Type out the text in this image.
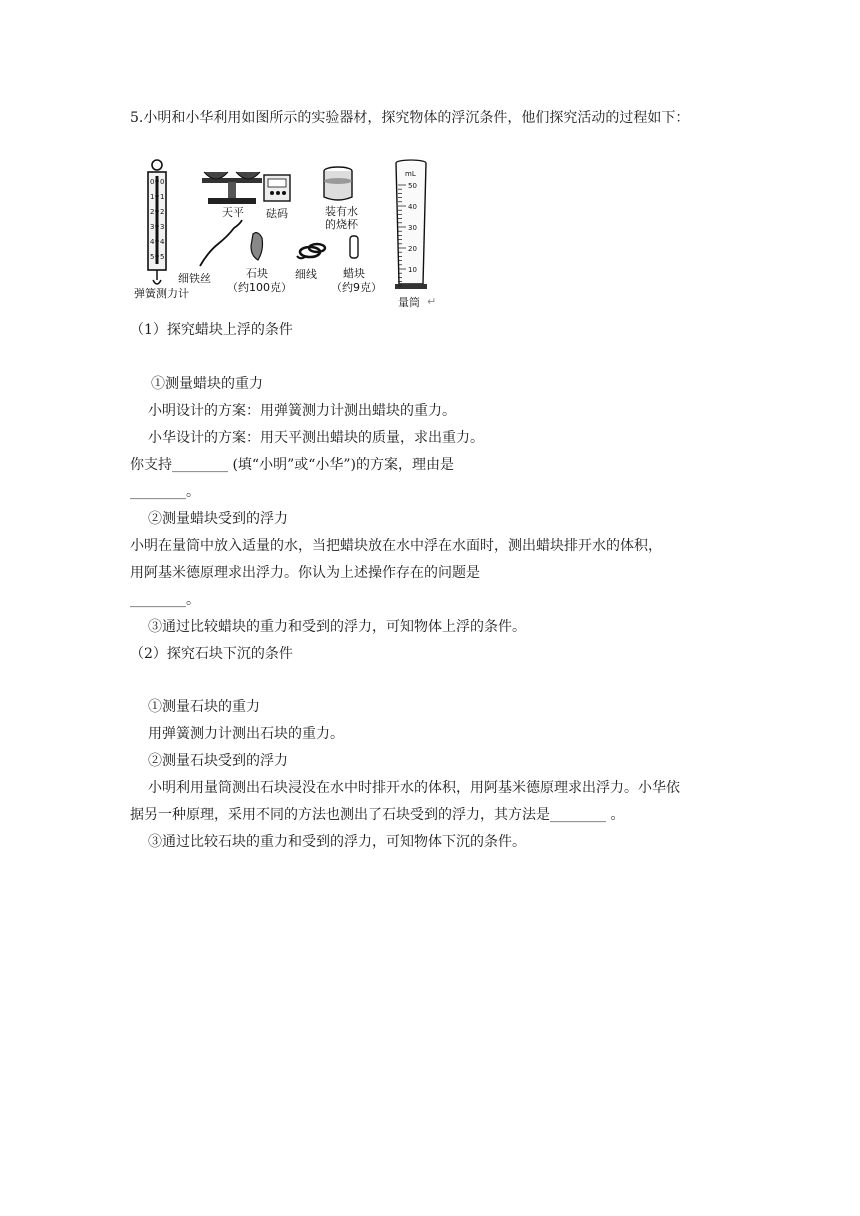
5.小明和小华利用如图所示的实验器材，探究物体的浮沉条件，他们探究活动的过程如下：
0 0
1 1
2 2
3 3
4 4
5 5
弹簧测力计
天平 砝码	装有水
的烧杯
50
40
30
20
10
mL
量筒 ↵
细铁丝	石块
（约100克）
细线 蜡块
（约9克）
（1）探究蜡块上浮的条件
①测量蜡块的重力
小明设计的方案：用弹簧测力计测出蜡块的重力。
小华设计的方案：用天平测出蜡块的质量，求出重力。
你支持________ (填“小明”或“小华”)的方案，理由是
________。
②测量蜡块受到的浮力
小明在量筒中放入适量的水，当把蜡块放在水中浮在水面时，测出蜡块排开水的体积，
用阿基米德原理求出浮力。你认为上述操作存在的问题是
________。
③通过比较蜡块的重力和受到的浮力，可知物体上浮的条件。
（2）探究石块下沉的条件
①测量石块的重力
用弹簧测力计测出石块的重力。
②测量石块受到的浮力
小明利用量筒测出石块浸没在水中时排开水的体积，用阿基米德原理求出浮力。小华依
据另一种原理，采用不同的方法也测出了石块受到的浮力，其方法是________ 。
③通过比较石块的重力和受到的浮力，可知物体下沉的条件。
